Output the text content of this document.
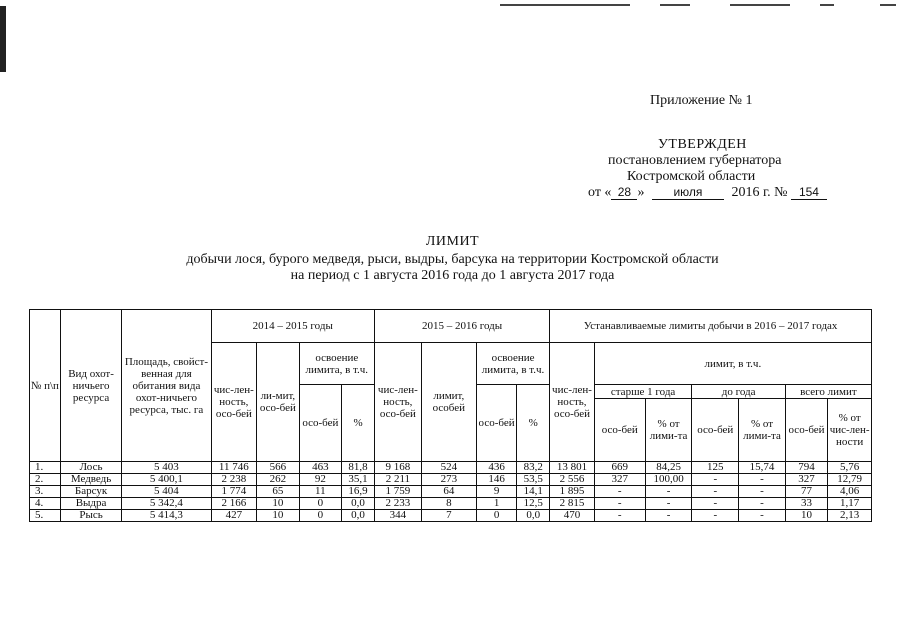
Приложение № 1
УТВЕРЖДЕН
постановлением губернатора
Костромской области
от « 28 » июля 2016 г. № 154
ЛИМИТ
добычи лося, бурого медведя, рыси, выдры, барсука на территории Костромской области
на период с 1 августа 2016 года до 1 августа 2017 года
№ п\п	Вид охот-ничьего ресурса	Площадь, свойст-венная для обитания вида охот-ничьего ресурса, тыс. га	2014 – 2015 годы				2015 – 2016 годы				Устанавливаемые лимиты добычи в 2016 – 2017 годах						
			чис-лен-ность, осо-бей	ли-мит, осо-бей	освоение лимита, в т.ч.		чис-лен-ность, осо-бей	лимит, особей	освоение лимита, в т.ч.		чис-лен-ность, осо-бей	лимит, в т.ч.					
					осо-бей	%			осо-бей	%		старше 1 года		до года		всего лимит	
												осо-бей	% от лими-та	осо-бей	% от лими-та	осо-бей	% от чис-лен-ности
1.	Лось	5 403	11 746	566	463	81,8	9 168	524	436	83,2	13 801	669	84,25	125	15,74	794	5,76
2.	Медведь	5 400,1	2 238	262	92	35,1	2 211	273	146	53,5	2 556	327	100,00	-	-	327	12,79
3.	Барсук	5 404	1 774	65	11	16,9	1 759	64	9	14,1	1 895	-	-	-	-	77	4,06
4.	Выдра	5 342,4	2 166	10	0	0,0	2 233	8	1	12,5	2 815	-	-	-	-	33	1,17
5.	Рысь	5 414,3	427	10	0	0,0	344	7	0	0,0	470	-	-	-	-	10	2,13
